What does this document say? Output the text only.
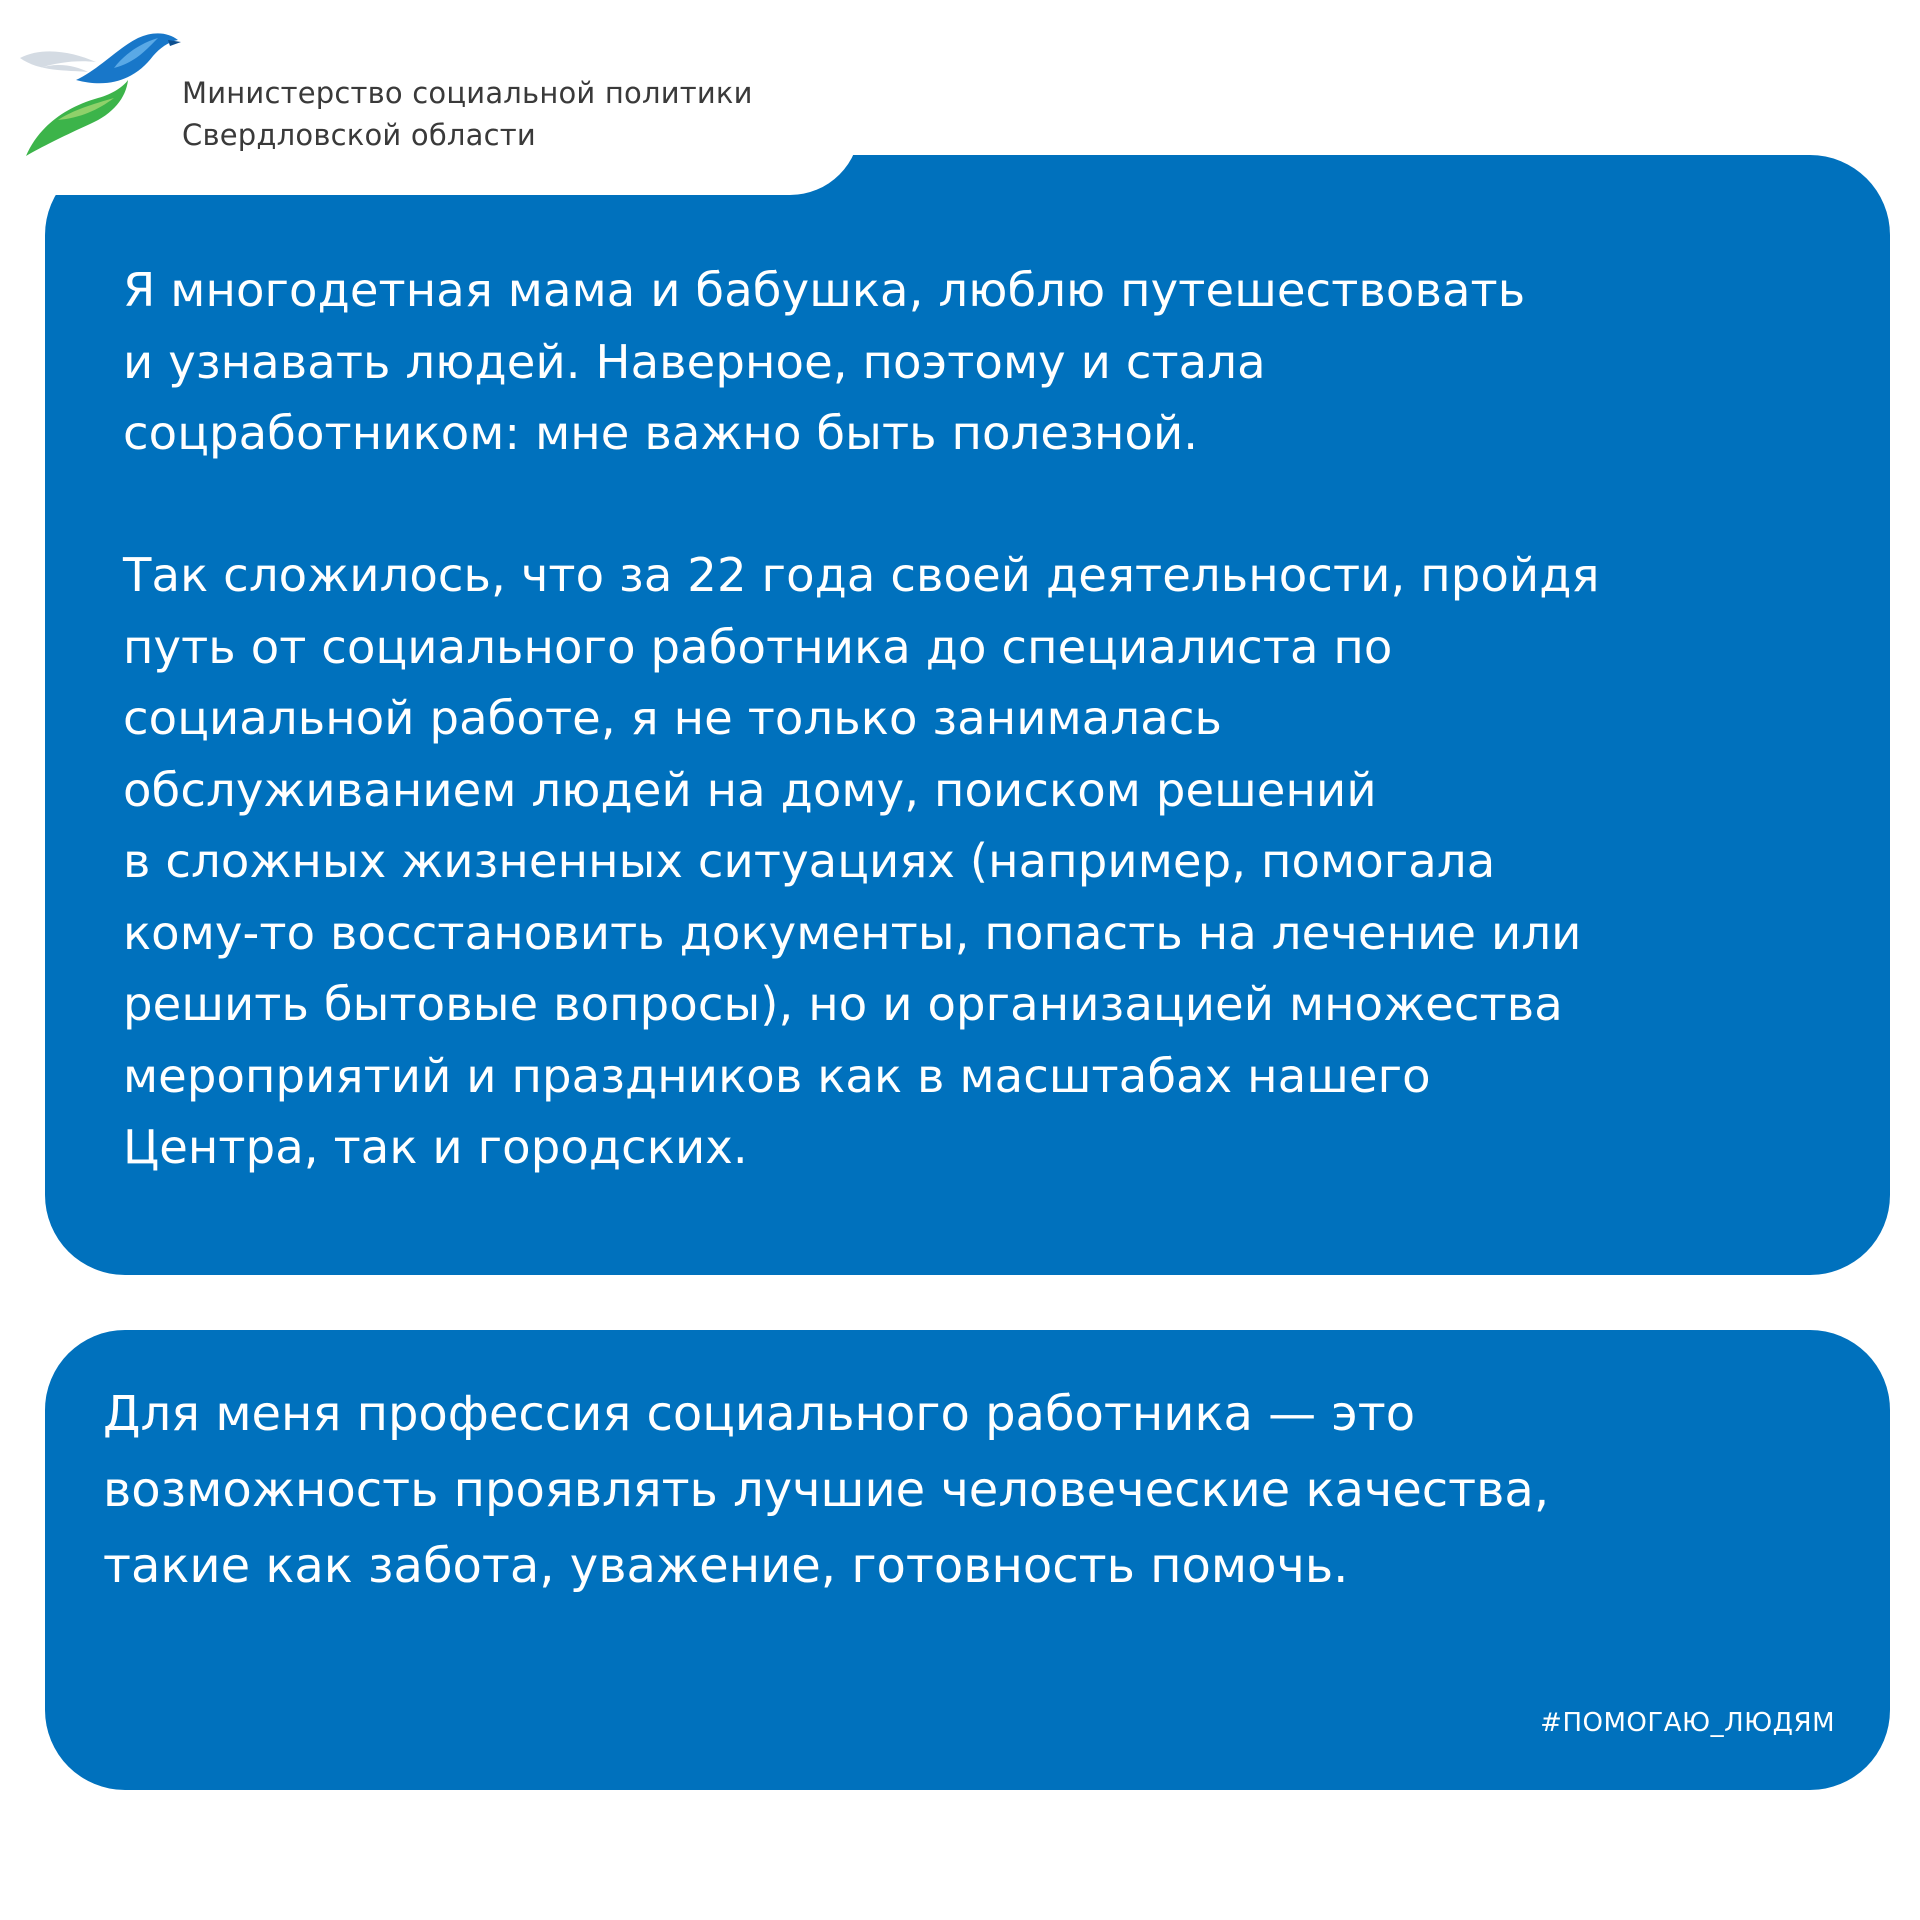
Министерство социальной политики
Свердловской области
Я многодетная мама и бабушка, люблю путешествовать
и узнавать людей. Наверное, поэтому и стала
соцработником: мне важно быть полезной.
Так сложилось, что за 22 года своей деятельности, пройдя
путь от социального работника до специалиста по
социальной работе, я не только занималась
обслуживанием людей на дому, поиском решений
в сложных жизненных ситуациях (например, помогала
кому-то восстановить документы, попасть на лечение или
решить бытовые вопросы), но и организацией множества
мероприятий и праздников как в масштабах нашего
Центра, так и городских.
Для меня профессия социального работника — это
возможность проявлять лучшие человеческие качества,
такие как забота, уважение, готовность помочь.
#ПОМОГАЮ_ЛЮДЯМ
